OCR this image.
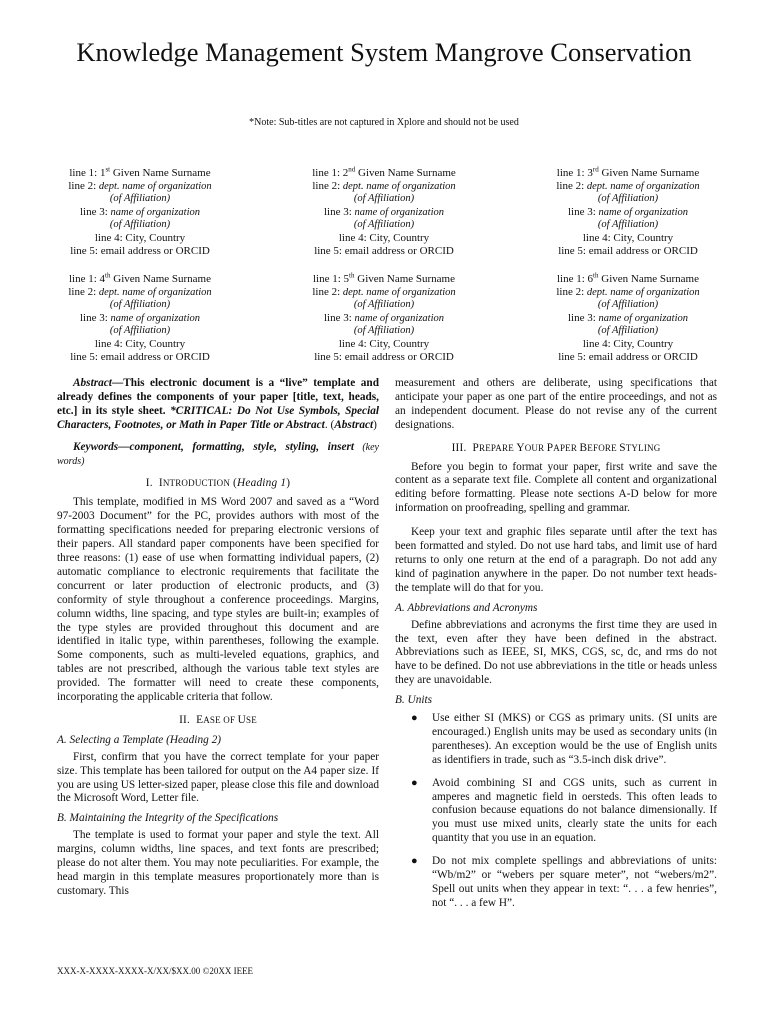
Knowledge Management System Mangrove Conservation
*Note: Sub-titles are not captured in Xplore and should not be used
line 1: 1st Given Name Surname
line 2: dept. name of organization
(of Affiliation)
line 3: name of organization
(of Affiliation)
line 4: City, Country
line 5: email address or ORCID
line 1: 2nd Given Name Surname
line 2: dept. name of organization
(of Affiliation)
line 3: name of organization
(of Affiliation)
line 4: City, Country
line 5: email address or ORCID
line 1: 3rd Given Name Surname
line 2: dept. name of organization
(of Affiliation)
line 3: name of organization
(of Affiliation)
line 4: City, Country
line 5: email address or ORCID
line 1: 4th Given Name Surname
line 2: dept. name of organization
(of Affiliation)
line 3: name of organization
(of Affiliation)
line 4: City, Country
line 5: email address or ORCID
line 1: 5th Given Name Surname
line 2: dept. name of organization
(of Affiliation)
line 3: name of organization
(of Affiliation)
line 4: City, Country
line 5: email address or ORCID
line 1: 6th Given Name Surname
line 2: dept. name of organization
(of Affiliation)
line 3: name of organization
(of Affiliation)
line 4: City, Country
line 5: email address or ORCID

Abstract—This electronic document is a “live” template and already defines the components of your paper [title, text, heads, etc.] in its style sheet. *CRITICAL: Do Not Use Symbols, Special Characters, Footnotes, or Math in Paper Title or Abstract. (Abstract)

Keywords—component, formatting, style, styling, insert (key words)

I. INTRODUCTION (Heading 1)

This template, modified in MS Word 2007 and saved as a “Word 97-2003 Document” for the PC, provides authors with most of the formatting specifications needed for preparing electronic versions of their papers. All standard paper components have been specified for three reasons: (1) ease of use when formatting individual papers, (2) automatic compliance to electronic requirements that facilitate the concurrent or later production of electronic products, and (3) conformity of style throughout a conference proceedings. Margins, column widths, line spacing, and type styles are built-in; examples of the type styles are provided throughout this document and are identified in italic type, within parentheses, following the example. Some components, such as multi-leveled equations, graphics, and tables are not prescribed, although the various table text styles are provided. The formatter will need to create these components, incorporating the applicable criteria that follow.

II. EASE OF USE
A. Selecting a Template (Heading 2)

First, confirm that you have the correct template for your paper size. This template has been tailored for output on the A4 paper size. If you are using US letter-sized paper, please close this file and download the Microsoft Word, Letter file.

B. Maintaining the Integrity of the Specifications

The template is used to format your paper and style the text. All margins, column widths, line spaces, and text fonts are prescribed; please do not alter them. You may note peculiarities. For example, the head margin in this template measures proportionately more than is customary. This

measurement and others are deliberate, using specifications that anticipate your paper as one part of the entire proceedings, and not as an independent document. Please do not revise any of the current designations.

III. PREPARE YOUR PAPER BEFORE STYLING

Before you begin to format your paper, first write and save the content as a separate text file. Complete all content and organizational editing before formatting. Please note sections A-D below for more information on proofreading, spelling and grammar.

Keep your text and graphic files separate until after the text has been formatted and styled. Do not use hard tabs, and limit use of hard returns to only one return at the end of a paragraph. Do not add any kind of pagination anywhere in the paper. Do not number text heads-the template will do that for you.

A. Abbreviations and Acronyms

Define abbreviations and acronyms the first time they are used in the text, even after they have been defined in the abstract. Abbreviations such as IEEE, SI, MKS, CGS, sc, dc, and rms do not have to be defined. Do not use abbreviations in the title or heads unless they are unavoidable.

B. Units
● Use either SI (MKS) or CGS as primary units. (SI units are encouraged.) English units may be used as secondary units (in parentheses). An exception would be the use of English units as identifiers in trade, such as “3.5-inch disk drive”.
● Avoid combining SI and CGS units, such as current in amperes and magnetic field in oersteds. This often leads to confusion because equations do not balance dimensionally. If you must use mixed units, clearly state the units for each quantity that you use in an equation.
● Do not mix complete spellings and abbreviations of units: “Wb/m2” or “webers per square meter”, not “webers/m2”. Spell out units when they appear in text: “. . . a few henries”, not “. . . a few H”.
XXX-X-XXXX-XXXX-X/XX/$XX.00 ©20XX IEEE
